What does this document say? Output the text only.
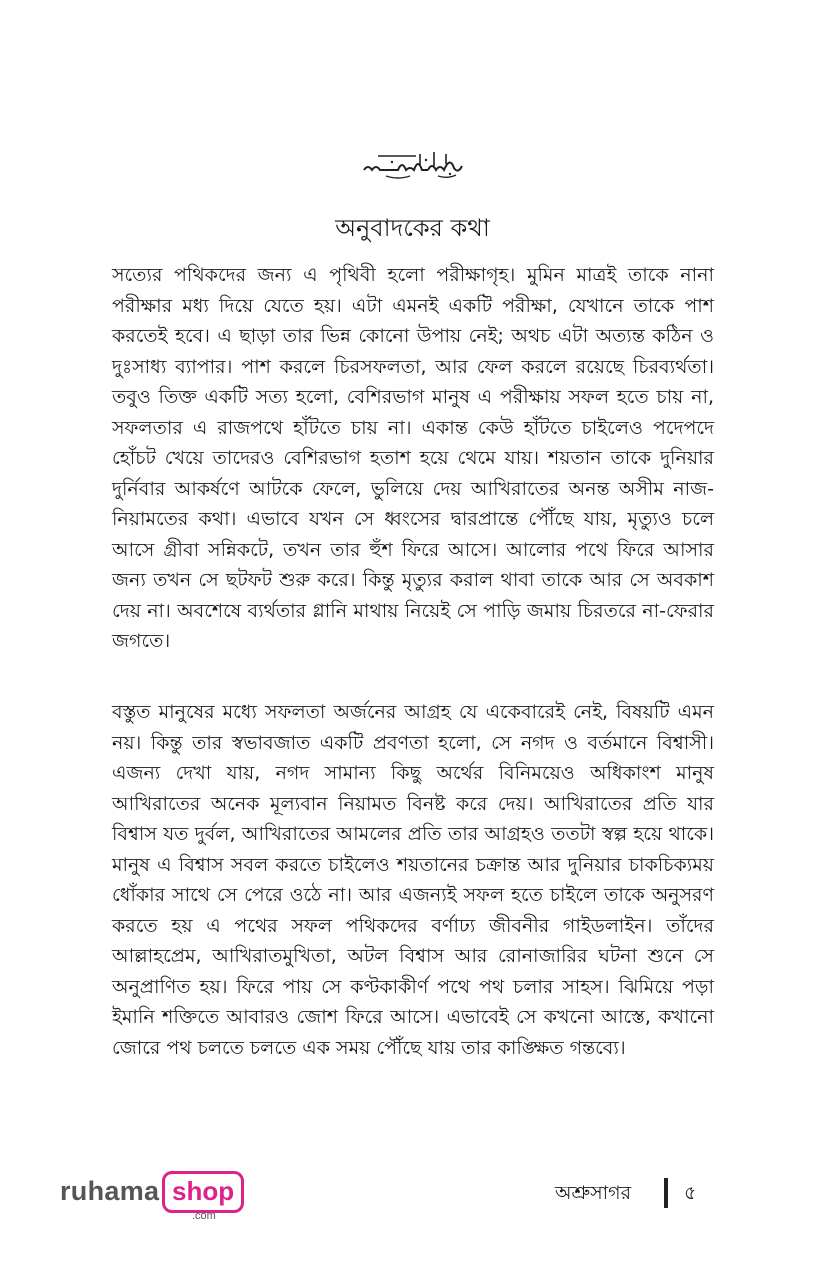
অনুবাদকের কথা

সত্যের পথিকদের জন্য এ পৃথিবী হলো পরীক্ষাগৃহ। মুমিন মাত্রই তাকে নানা পরীক্ষার মধ্য দিয়ে যেতে হয়। এটা এমনই একটি পরীক্ষা, যেখানে তাকে পাশ করতেই হবে। এ ছাড়া তার ভিন্ন কোনো উপায় নেই; অথচ এটা অত্যন্ত কঠিন ও দুঃসাধ্য ব্যাপার। পাশ করলে চিরসফলতা, আর ফেল করলে রয়েছে চিরব্যর্থতা। তবুও তিক্ত একটি সত্য হলো, বেশিরভাগ মানুষ এ পরীক্ষায় সফল হতে চায় না, সফলতার এ রাজপথে হাঁটতে চায় না। একান্ত কেউ হাঁটতে চাইলেও পদেপদে হোঁচট খেয়ে তাদেরও বেশিরভাগ হতাশ হয়ে থেমে যায়। শয়তান তাকে দুনিয়ার দুর্নিবার আকর্ষণে আটকে ফেলে, ভুলিয়ে দেয় আখিরাতের অনন্ত অসীম নাজ-নিয়ামতের কথা। এভাবে যখন সে ধ্বংসের দ্বারপ্রান্তে পৌঁছে যায়, মৃত্যুও চলে আসে গ্রীবা সন্নিকটে, তখন তার হুঁশ ফিরে আসে। আলোর পথে ফিরে আসার জন্য তখন সে ছটফট শুরু করে। কিন্তু মৃত্যুর করাল থাবা তাকে আর সে অবকাশ দেয় না। অবশেষে ব্যর্থতার গ্লানি মাথায় নিয়েই সে পাড়ি জমায় চিরতরে না-ফেরার জগতে।

বস্তুত মানুষের মধ্যে সফলতা অর্জনের আগ্রহ যে একেবারেই নেই, বিষয়টি এমন নয়। কিন্তু তার স্বভাবজাত একটি প্রবণতা হলো, সে নগদ ও বর্তমানে বিশ্বাসী। এজন্য দেখা যায়, নগদ সামান্য কিছু অর্থের বিনিময়েও অধিকাংশ মানুষ আখিরাতের অনেক মূল্যবান নিয়ামত বিনষ্ট করে দেয়। আখিরাতের প্রতি যার বিশ্বাস যত দুর্বল, আখিরাতের আমলের প্রতি তার আগ্রহও ততটা স্বল্প হয়ে থাকে। মানুষ এ বিশ্বাস সবল করতে চাইলেও শয়তানের চক্রান্ত আর দুনিয়ার চাকচিক্যময় ধোঁকার সাথে সে পেরে ওঠে না। আর এজন্যই সফল হতে চাইলে তাকে অনুসরণ করতে হয় এ পথের সফল পথিকদের বর্ণাঢ্য জীবনীর গাইডলাইন। তাঁদের আল্লাহপ্রেম, আখিরাতমুখিতা, অটল বিশ্বাস আর রোনাজারির ঘটনা শুনে সে অনুপ্রাণিত হয়। ফিরে পায় সে কণ্টকাকীর্ণ পথে পথ চলার সাহস। ঝিমিয়ে পড়া ইমানি শক্তিতে আবারও জোশ ফিরে আসে। এভাবেই সে কখনো আস্তে, কখানো জোরে পথ চলতে চলতে এক সময় পৌঁছে যায় তার কাঙ্ক্ষিত গন্তব্যে।

ruhama shop
.com
অশ্রুসাগর	৫
